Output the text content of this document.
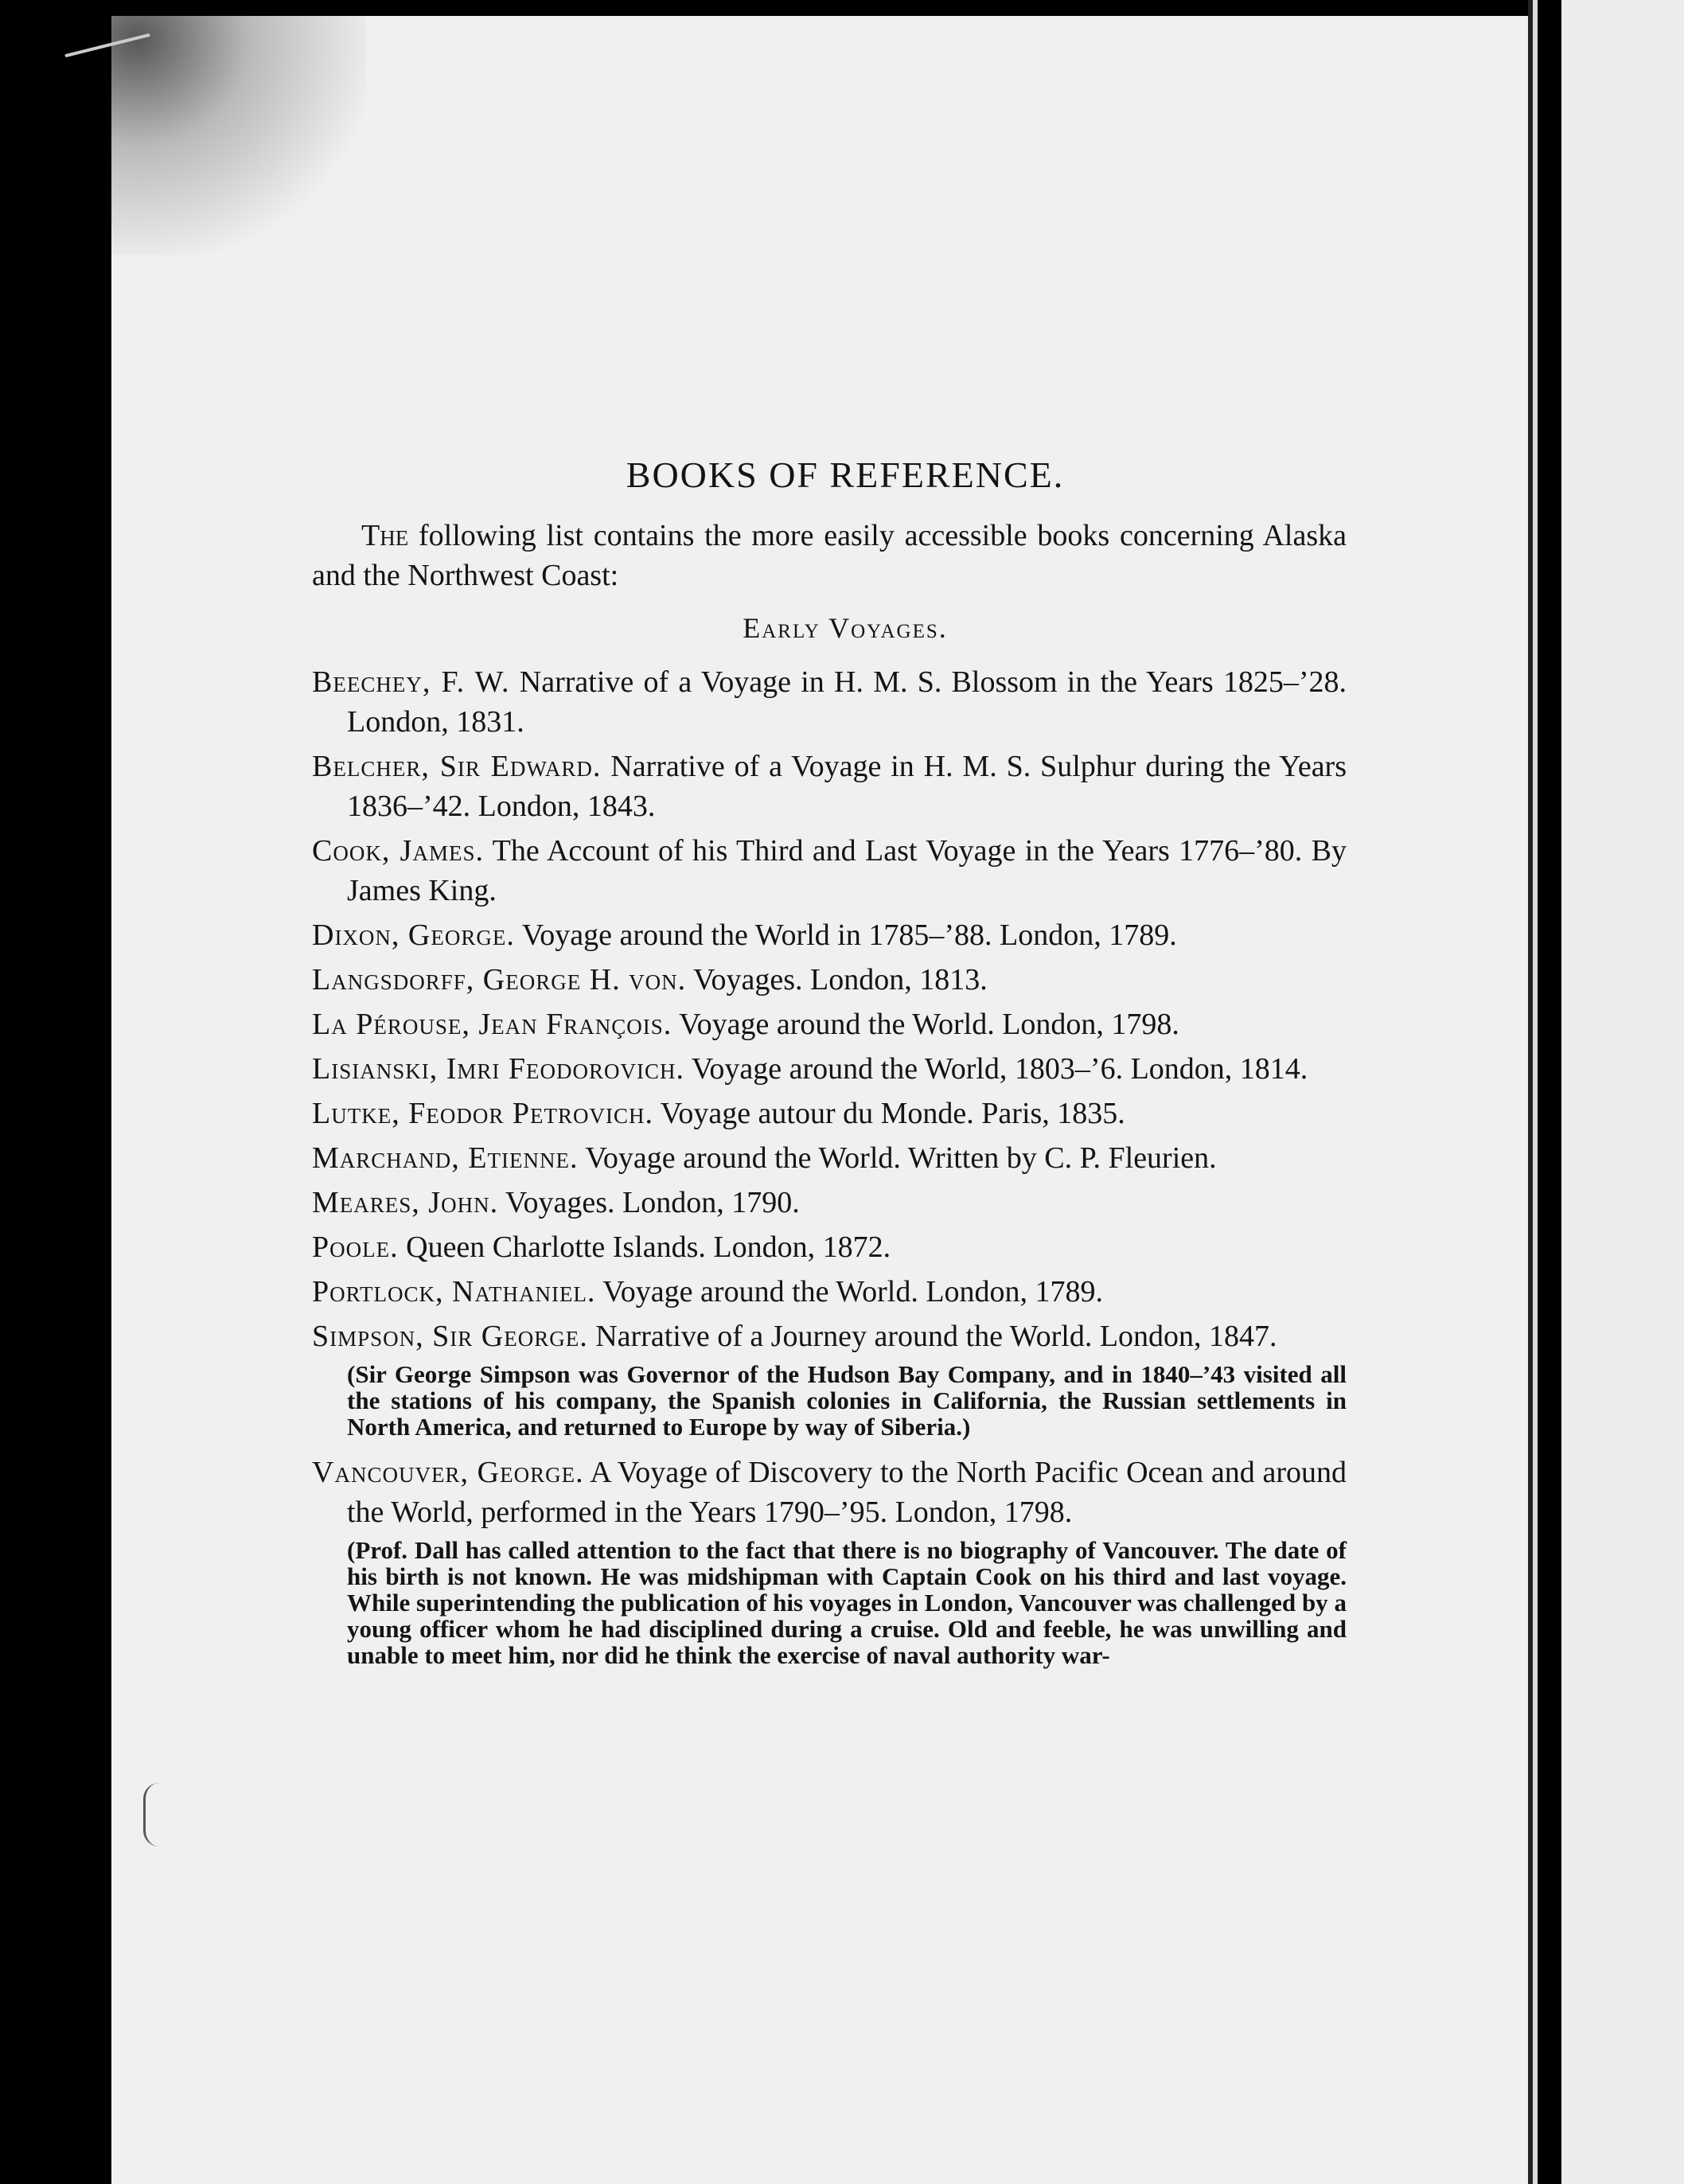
BOOKS OF REFERENCE.

The following list contains the more easily accessible books concerning Alaska and the Northwest Coast:

Early Voyages.

Beechey, F. W. Narrative of a Voyage in H. M. S. Blossom in the Years 1825–’28. London, 1831.

Belcher, Sir Edward. Narrative of a Voyage in H. M. S. Sulphur during the Years 1836–’42. London, 1843.

Cook, James. The Account of his Third and Last Voyage in the Years 1776–’80. By James King.

Dixon, George. Voyage around the World in 1785–’88. London, 1789.

Langsdorff, George H. von. Voyages. London, 1813.

La Pérouse, Jean François. Voyage around the World. London, 1798.

Lisianski, Imri Feodorovich. Voyage around the World, 1803–’6. London, 1814.

Lutke, Feodor Petrovich. Voyage autour du Monde. Paris, 1835.

Marchand, Etienne. Voyage around the World. Written by C. P. Fleurien.

Meares, John. Voyages. London, 1790.

Poole. Queen Charlotte Islands. London, 1872.

Portlock, Nathaniel. Voyage around the World. London, 1789.

Simpson, Sir George. Narrative of a Journey around the World. London, 1847.

(Sir George Simpson was Governor of the Hudson Bay Company, and in 1840–’43 visited all the stations of his company, the Spanish colonies in California, the Russian settlements in North America, and returned to Europe by way of Siberia.)

Vancouver, George. A Voyage of Discovery to the North Pacific Ocean and around the World, performed in the Years 1790–’95. London, 1798.

(Prof. Dall has called attention to the fact that there is no biography of Vancouver. The date of his birth is not known. He was midshipman with Captain Cook on his third and last voyage. While superintending the publication of his voyages in London, Vancouver was challenged by a young officer whom he had disciplined during a cruise. Old and feeble, he was unwilling and unable to meet him, nor did he think the exercise of naval authority war-
